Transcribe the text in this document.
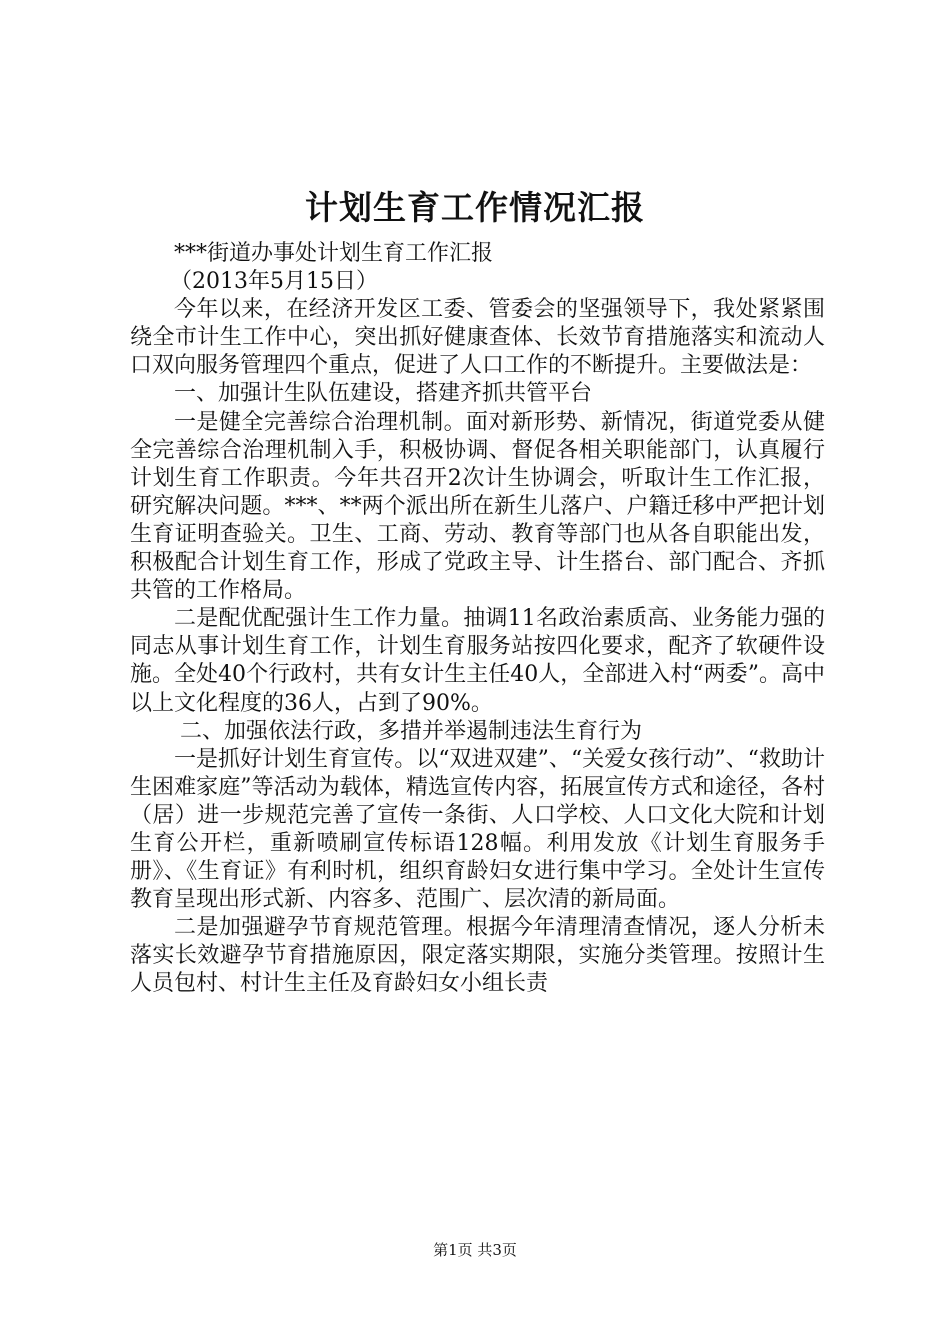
计划生育工作情况汇报

***街道办事处计划生育工作汇报

（2013年5月15日）

今年以来，在经济开发区工委、管委会的坚强领导下，我处紧紧围绕全市计生工作中心，突出抓好健康查体、长效节育措施落实和流动人口双向服务管理四个重点，促进了人口工作的不断提升。主要做法是：

一、加强计生队伍建设，搭建齐抓共管平台

一是健全完善综合治理机制。面对新形势、新情况，街道党委从健全完善综合治理机制入手，积极协调、督促各相关职能部门，认真履行计划生育工作职责。今年共召开2次计生协调会，听取计生工作汇报，研究解决问题。***、**两个派出所在新生儿落户、户籍迁移中严把计划生育证明查验关。卫生、工商、劳动、教育等部门也从各自职能出发，积极配合计划生育工作，形成了党政主导、计生搭台、部门配合、齐抓共管的工作格局。

二是配优配强计生工作力量。抽调11名政治素质高、业务能力强的同志从事计划生育工作，计划生育服务站按四化要求，配齐了软硬件设施。全处40个行政村，共有女计生主任40人，全部进入村“两委”。高中以上文化程度的36人，占到了90%。

二、加强依法行政，多措并举遏制违法生育行为

一是抓好计划生育宣传。以“双进双建”、“关爱女孩行动”、“救助计生困难家庭”等活动为载体，精选宣传内容，拓展宣传方式和途径，各村（居）进一步规范完善了宣传一条街、人口学校、人口文化大院和计划生育公开栏，重新喷刷宣传标语128幅。利用发放《计划生育服务手册》、《生育证》有利时机，组织育龄妇女进行集中学习。全处计生宣传教育呈现出形式新、内容多、范围广、层次清的新局面。

二是加强避孕节育规范管理。根据今年清理清查情况，逐人分析未落实长效避孕节育措施原因，限定落实期限，实施分类管理。按照计生人员包村、村计生主任及育龄妇女小组长责

第1页 共3页
